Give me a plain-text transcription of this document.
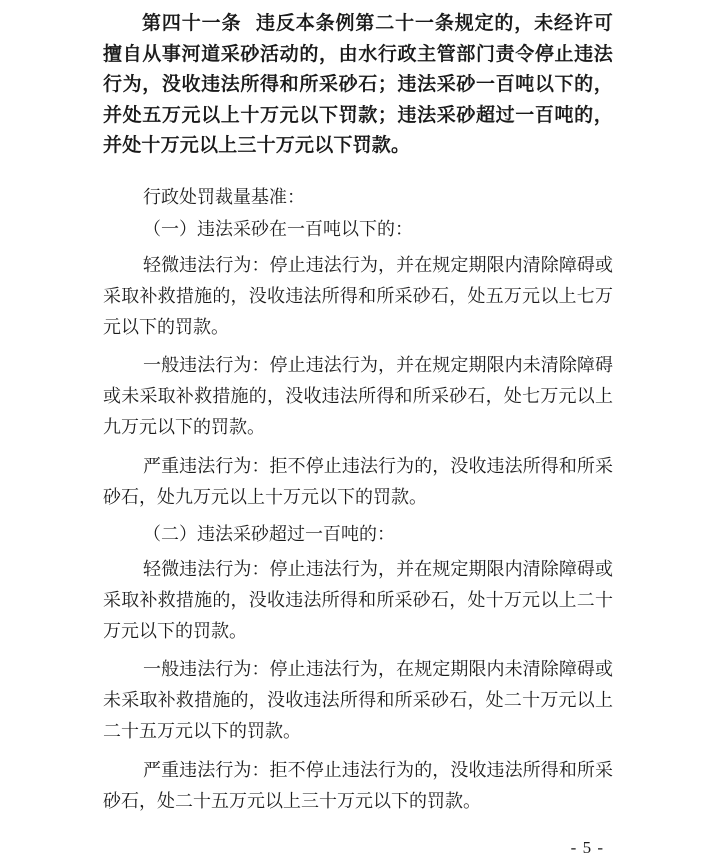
第四十一条 违反本条例第二十一条规定的，未经许可擅自从事河道采砂活动的，由水行政主管部门责令停止违法行为，没收违法所得和所采砂石；违法采砂一百吨以下的，并处五万元以上十万元以下罚款；违法采砂超过一百吨的，并处十万元以上三十万元以下罚款。

行政处罚裁量基准：

（一）违法采砂在一百吨以下的：

轻微违法行为：停止违法行为，并在规定期限内清除障碍或采取补救措施的，没收违法所得和所采砂石，处五万元以上七万元以下的罚款。

一般违法行为：停止违法行为，并在规定期限内未清除障碍或未采取补救措施的，没收违法所得和所采砂石，处七万元以上九万元以下的罚款。

严重违法行为：拒不停止违法行为的，没收违法所得和所采砂石，处九万元以上十万元以下的罚款。

（二）违法采砂超过一百吨的：

轻微违法行为：停止违法行为，并在规定期限内清除障碍或采取补救措施的，没收违法所得和所采砂石，处十万元以上二十万元以下的罚款。

一般违法行为：停止违法行为，在规定期限内未清除障碍或未采取补救措施的，没收违法所得和所采砂石，处二十万元以上二十五万元以下的罚款。

严重违法行为：拒不停止违法行为的，没收违法所得和所采砂石，处二十五万元以上三十万元以下的罚款。

- 5 -
